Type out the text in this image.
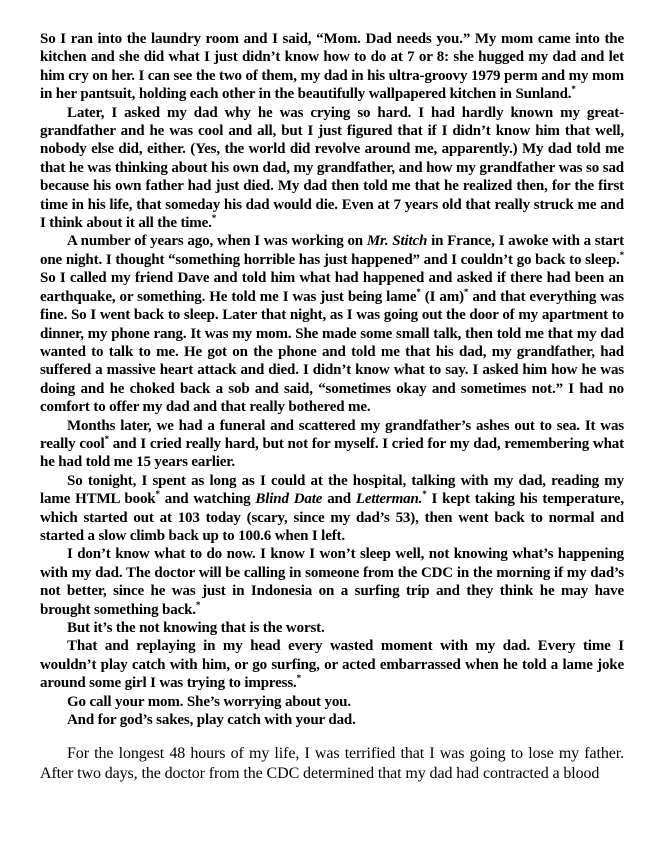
So I ran into the laundry room and I said, “Mom. Dad needs you.” My mom came into the kitchen and she did what I just didn’t know how to do at 7 or 8: she hugged my dad and let him cry on her. I can see the two of them, my dad in his ultra-groovy 1979 perm and my mom in her pantsuit, holding each other in the beautifully wallpapered kitchen in Sunland.*

Later, I asked my dad why he was crying so hard. I had hardly known my great-grandfather and he was cool and all, but I just figured that if I didn’t know him that well, nobody else did, either. (Yes, the world did revolve around me, apparently.) My dad told me that he was thinking about his own dad, my grandfather, and how my grandfather was so sad because his own father had just died. My dad then told me that he realized then, for the first time in his life, that someday his dad would die. Even at 7 years old that really struck me and I think about it all the time.*

A number of years ago, when I was working on Mr. Stitch in France, I awoke with a start one night. I thought “something horrible has just happened” and I couldn’t go back to sleep.* So I called my friend Dave and told him what had happened and asked if there had been an earthquake, or something. He told me I was just being lame* (I am)* and that everything was fine. So I went back to sleep. Later that night, as I was going out the door of my apartment to dinner, my phone rang. It was my mom. She made some small talk, then told me that my dad wanted to talk to me. He got on the phone and told me that his dad, my grandfather, had suffered a massive heart attack and died. I didn’t know what to say. I asked him how he was doing and he choked back a sob and said, “sometimes okay and sometimes not.” I had no comfort to offer my dad and that really bothered me.

Months later, we had a funeral and scattered my grandfather’s ashes out to sea. It was really cool* and I cried really hard, but not for myself. I cried for my dad, remembering what he had told me 15 years earlier.

So tonight, I spent as long as I could at the hospital, talking with my dad, reading my lame HTML book* and watching Blind Date and Letterman.* I kept taking his temperature, which started out at 103 today (scary, since my dad’s 53), then went back to normal and started a slow climb back up to 100.6 when I left.

I don’t know what to do now. I know I won’t sleep well, not knowing what’s happening with my dad. The doctor will be calling in someone from the CDC in the morning if my dad’s not better, since he was just in Indonesia on a surfing trip and they think he may have brought something back.*

But it’s the not knowing that is the worst.

That and replaying in my head every wasted moment with my dad. Every time I wouldn’t play catch with him, or go surfing, or acted embarrassed when he told a lame joke around some girl I was trying to impress.*

Go call your mom. She’s worrying about you.

And for god’s sakes, play catch with your dad.

For the longest 48 hours of my life, I was terrified that I was going to lose my father. After two days, the doctor from the CDC determined that my dad had contracted a blood
